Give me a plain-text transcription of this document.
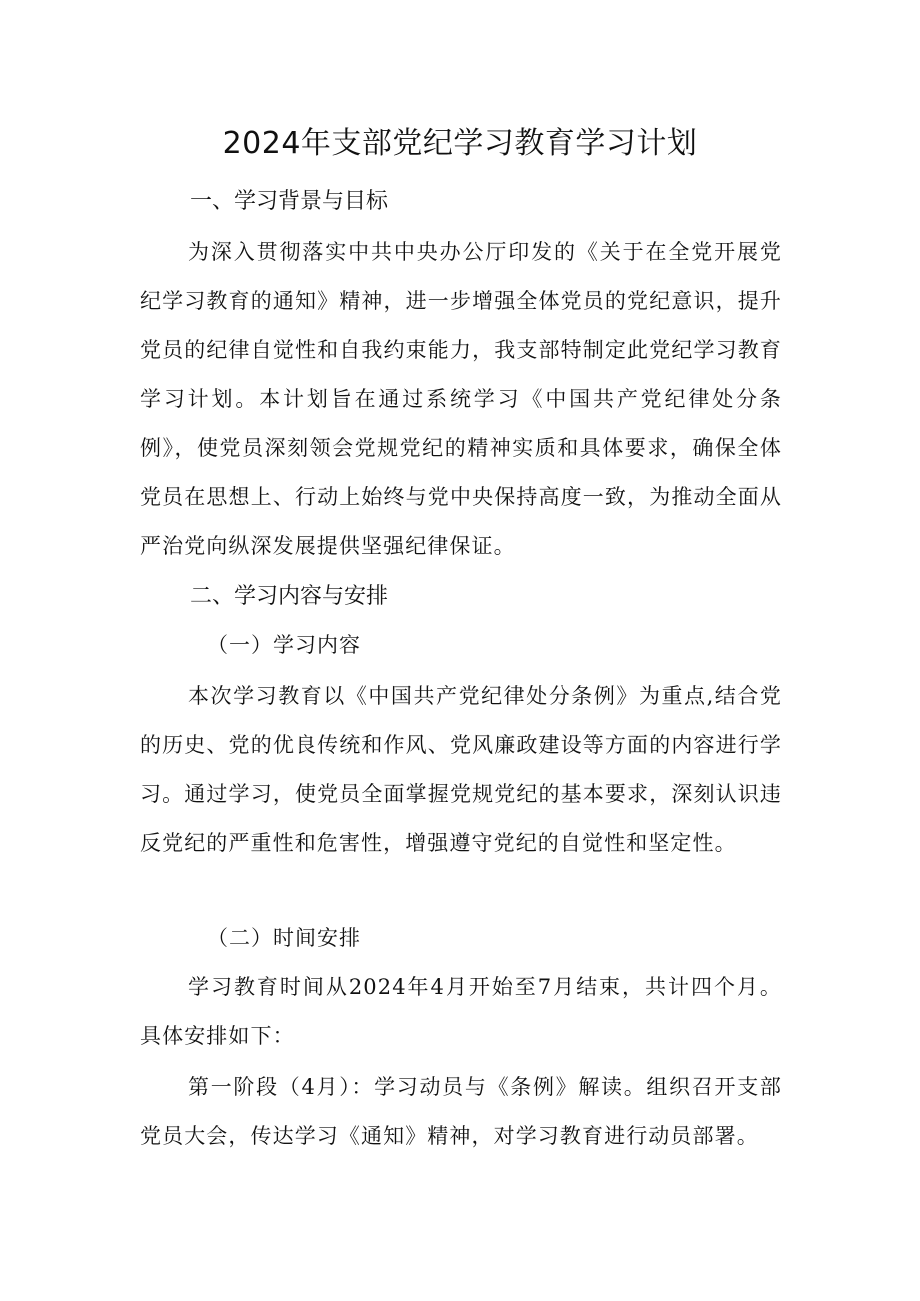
2024年支部党纪学习教育学习计划
一、学习背景与目标

为深入贯彻落实中共中央办公厅印发的《关于在全党开展党纪学习教育的通知》精神，进一步增强全体党员的党纪意识，提升党员的纪律自觉性和自我约束能力，我支部特制定此党纪学习教育学习计划。本计划旨在通过系统学习《中国共产党纪律处分条例》，使党员深刻领会党规党纪的精神实质和具体要求，确保全体党员在思想上、行动上始终与党中央保持高度一致，为推动全面从严治党向纵深发展提供坚强纪律保证。

二、学习内容与安排
（一）学习内容

本次学习教育以《中国共产党纪律处分条例》为重点,结合党的历史、党的优良传统和作风、党风廉政建设等方面的内容进行学习。通过学习，使党员全面掌握党规党纪的基本要求，深刻认识违反党纪的严重性和危害性，增强遵守党纪的自觉性和坚定性。

（二）时间安排

学习教育时间从2024年4月开始至7月结束，共计四个月。具体安排如下：

第一阶段（4月）：学习动员与《条例》解读。组织召开支部党员大会，传达学习《通知》精神，对学习教育进行动员部署。
